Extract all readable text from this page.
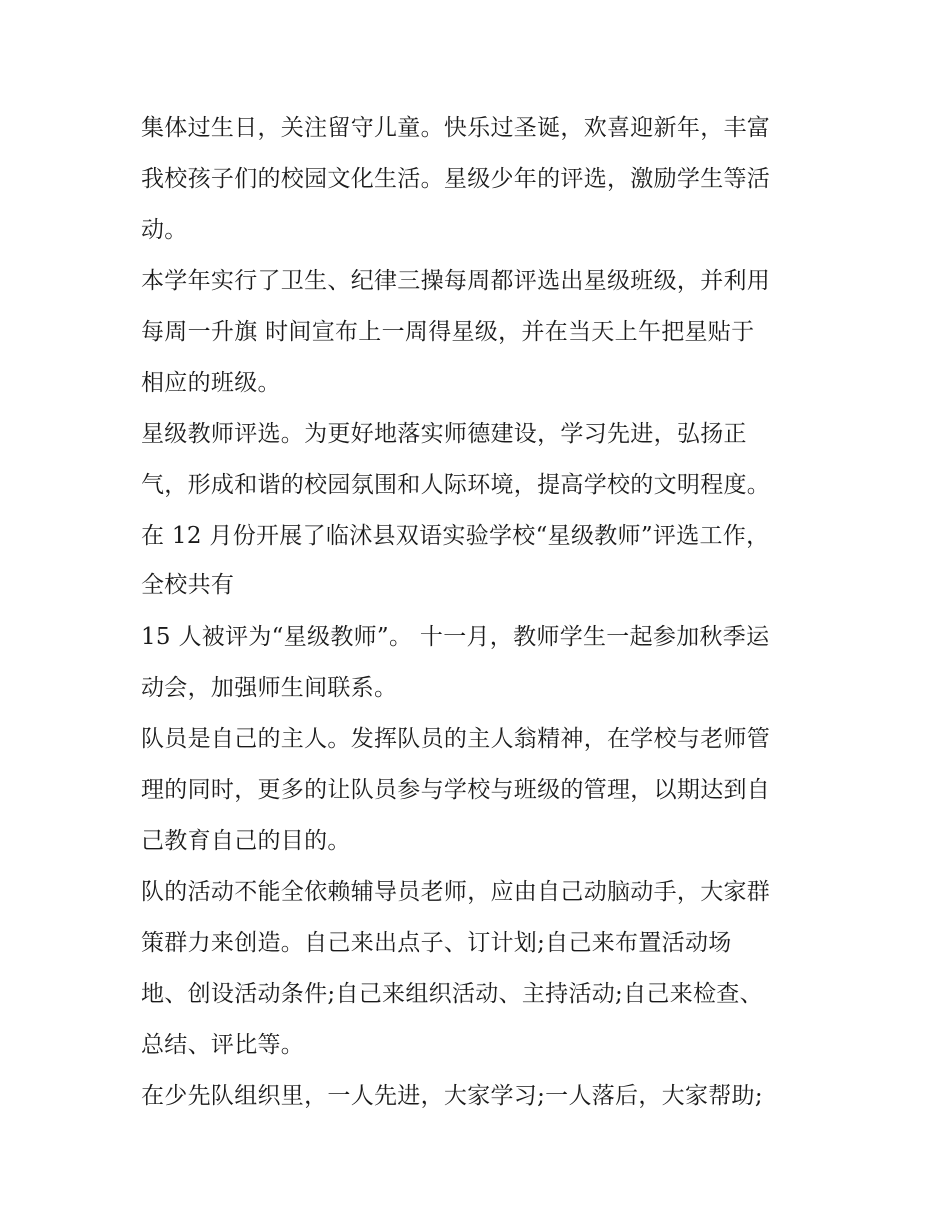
集体过生日，关注留守儿童。快乐过圣诞，欢喜迎新年，丰富
我校孩子们的校园文化生活。星级少年的评选，激励学生等活
动。
本学年实行了卫生、纪律三操每周都评选出星级班级，并利用
每周一升旗 时间宣布上一周得星级，并在当天上午把星贴于
相应的班级。
星级教师评选。为更好地落实师德建设，学习先进，弘扬正
气，形成和谐的校园氛围和人际环境，提高学校的文明程度。
在 12 月份开展了临沭县双语实验学校“星级教师”评选工作，
全校共有
15 人被评为“星级教师”。 十一月，教师学生一起参加秋季运
动会，加强师生间联系。
队员是自己的主人。发挥队员的主人翁精神，在学校与老师管
理的同时，更多的让队员参与学校与班级的管理，以期达到自
己教育自己的目的。
队的活动不能全依赖辅导员老师，应由自己动脑动手，大家群
策群力来创造。自己来出点子、订计划;自己来布置活动场
地、创设活动条件;自己来组织活动、主持活动;自己来检查、
总结、评比等。
在少先队组织里，一人先进，大家学习;一人落后，大家帮助;
